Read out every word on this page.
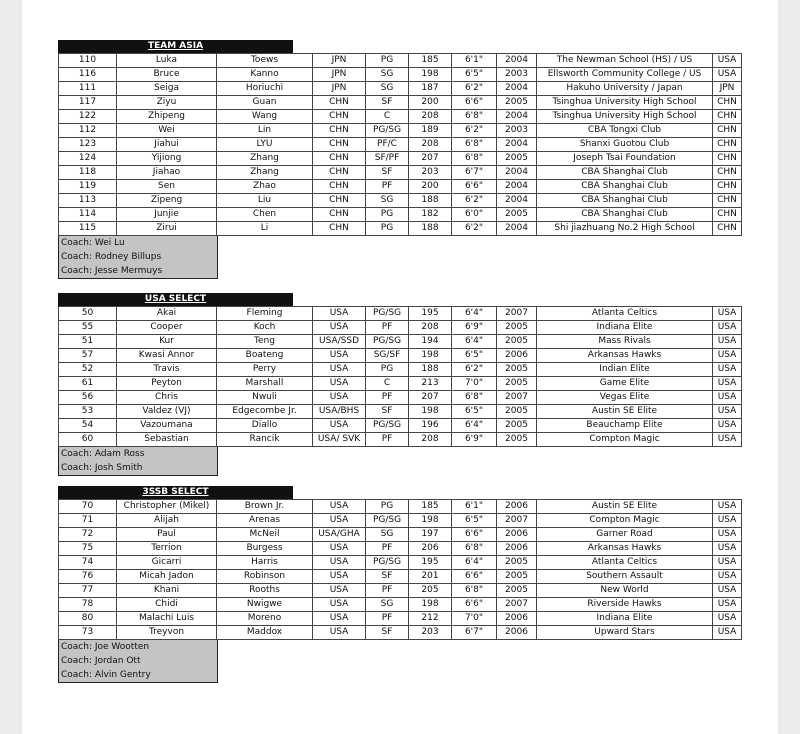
TEAM ASIA
110	Luka	Toews	JPN	PG	185	6'1"	2004	The Newman School (HS) / US	USA
116	Bruce	Kanno	JPN	SG	198	6'5"	2003	Ellsworth Community College / US	USA
111	Seiga	Horiuchi	JPN	SG	187	6'2"	2004	Hakuho University / Japan	JPN
117	Ziyu	Guan	CHN	SF	200	6'6"	2005	Tsinghua University High School	CHN
122	Zhipeng	Wang	CHN	C	208	6'8"	2004	Tsinghua University High School	CHN
112	Wei	Lin	CHN	PG/SG	189	6'2"	2003	CBA Tongxi Club	CHN
123	Jiahui	LYU	CHN	PF/C	208	6'8"	2004	Shanxi Guotou Club	CHN
124	Yijiong	Zhang	CHN	SF/PF	207	6'8"	2005	Joseph Tsai Foundation	CHN
118	Jiahao	Zhang	CHN	SF	203	6'7"	2004	CBA Shanghai Club	CHN
119	Sen	Zhao	CHN	PF	200	6'6"	2004	CBA Shanghai Club	CHN
113	Zipeng	Liu	CHN	SG	188	6'2"	2004	CBA Shanghai Club	CHN
114	Junjie	Chen	CHN	PG	182	6'0"	2005	CBA Shanghai Club	CHN
115	Zirui	Li	CHN	PG	188	6'2"	2004	Shi jiazhuang No.2 High School	CHN
Coach: Wei Lu
Coach: Rodney Billups
Coach: Jesse Mermuys
USA SELECT
50	Akai	Fleming	USA	PG/SG	195	6'4"	2007	Atlanta Celtics	USA
55	Cooper	Koch	USA	PF	208	6'9"	2005	Indiana Elite	USA
51	Kur	Teng	USA/SSD	PG/SG	194	6'4"	2005	Mass Rivals	USA
57	Kwasi Annor	Boateng	USA	SG/SF	198	6'5"	2006	Arkansas Hawks	USA
52	Travis	Perry	USA	PG	188	6'2"	2005	Indian Elite	USA
61	Peyton	Marshall	USA	C	213	7'0"	2005	Game Elite	USA
56	Chris	Nwuli	USA	PF	207	6'8"	2007	Vegas Elite	USA
53	Valdez (VJ)	Edgecombe Jr.	USA/BHS	SF	198	6'5"	2005	Austin SE Elite	USA
54	Vazoumana	Diallo	USA	PG/SG	196	6'4"	2005	Beauchamp Elite	USA
60	Sebastian	Rancik	USA/ SVK	PF	208	6'9"	2005	Compton Magic	USA
Coach: Adam Ross
Coach: Josh Smith
3SSB SELECT
70	Christopher (Mikel)	Brown Jr.	USA	PG	185	6'1"	2006	Austin SE Elite	USA
71	Alijah	Arenas	USA	PG/SG	198	6'5"	2007	Compton Magic	USA
72	Paul	McNeil	USA/GHA	SG	197	6'6"	2006	Garner Road	USA
75	Terrion	Burgess	USA	PF	206	6'8"	2006	Arkansas Hawks	USA
74	Gicarri	Harris	USA	PG/SG	195	6'4"	2005	Atlanta Celtics	USA
76	Micah Jadon	Robinson	USA	SF	201	6'6"	2005	Southern Assault	USA
77	Khani	Rooths	USA	PF	205	6'8"	2005	New World	USA
78	Chidi	Nwigwe	USA	SG	198	6'6"	2007	Riverside Hawks	USA
80	Malachi Luis	Moreno	USA	PF	212	7'0"	2006	Indiana Elite	USA
73	Treyvon	Maddox	USA	SF	203	6'7"	2006	Upward Stars	USA
Coach: Joe Wootten
Coach: Jordan Ott
Coach: Alvin Gentry
